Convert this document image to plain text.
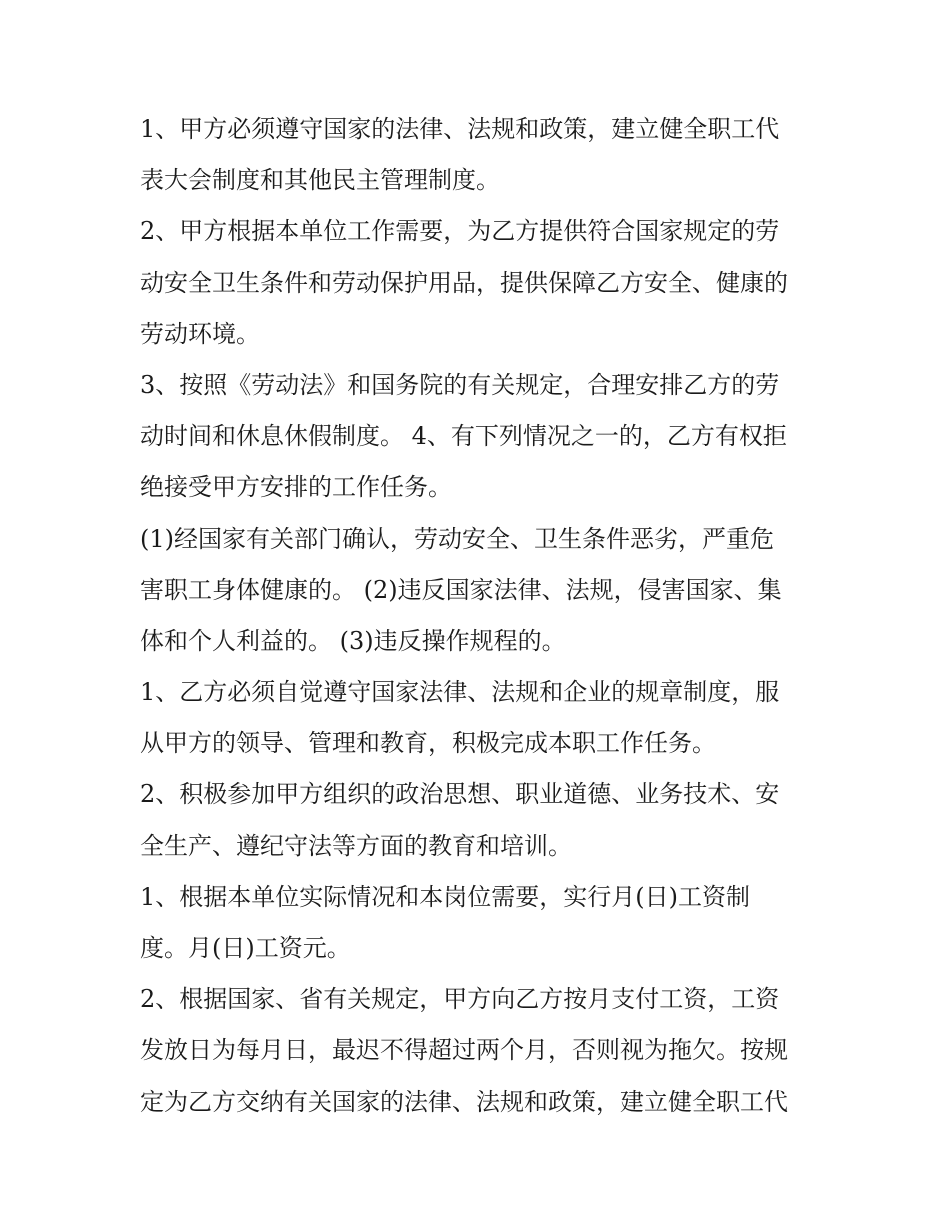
1、甲方必须遵守国家的法律、法规和政策，建立健全职工代
表大会制度和其他民主管理制度。
2、甲方根据本单位工作需要，为乙方提供符合国家规定的劳
动安全卫生条件和劳动保护用品，提供保障乙方安全、健康的
劳动环境。
3、按照《劳动法》和国务院的有关规定，合理安排乙方的劳
动时间和休息休假制度。 4、有下列情况之一的，乙方有权拒
绝接受甲方安排的工作任务。
(1)经国家有关部门确认，劳动安全、卫生条件恶劣，严重危
害职工身体健康的。 (2)违反国家法律、法规，侵害国家、集
体和个人利益的。 (3)违反操作规程的。
1、乙方必须自觉遵守国家法律、法规和企业的规章制度，服
从甲方的领导、管理和教育，积极完成本职工作任务。
2、积极参加甲方组织的政治思想、职业道德、业务技术、安
全生产、遵纪守法等方面的教育和培训。
1、根据本单位实际情况和本岗位需要，实行月(日)工资制
度。月(日)工资元。
2、根据国家、省有关规定，甲方向乙方按月支付工资，工资
发放日为每月日，最迟不得超过两个月，否则视为拖欠。按规
定为乙方交纳有关国家的法律、法规和政策，建立健全职工代
